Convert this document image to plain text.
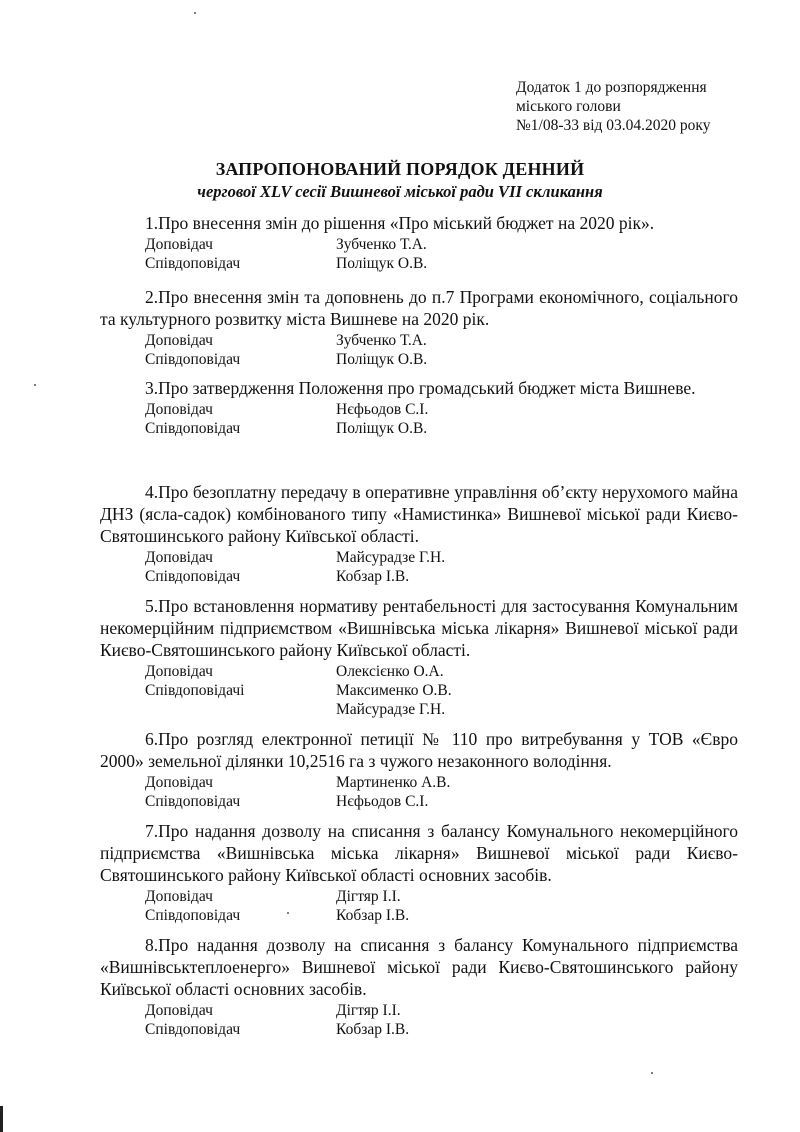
Додаток 1 до розпорядження
міського голови
№1/08-33 від 03.04.2020 року
ЗАПРОПОНОВАНИЙ ПОРЯДОК ДЕННИЙ
чергової XLV сесії Вишневої міської ради VII скликання

1.Про внесення змін до рішення «Про міський бюджет на 2020 рік».

Доповідач	Зубченко Т.А.
Співдоповідач	Поліщук О.В.

2.Про внесення змін та доповнень до п.7 Програми економічного, соціального та культурного розвитку міста Вишневе на 2020 рік.

Доповідач	Зубченко Т.А.
Співдоповідач	Поліщук О.В.

3.Про затвердження Положення про громадський бюджет міста Вишневе.

Доповідач	Нєфьодов С.І.
Співдоповідач	Поліщук О.В.

4.Про безоплатну передачу в оперативне управління об’єкту нерухомого майна ДНЗ (ясла-садок) комбінованого типу «Намистинка» Вишневої міської ради Києво-Святошинського району Київської області.

Доповідач	Майсурадзе Г.Н.
Співдоповідач	Кобзар І.В.

5.Про встановлення нормативу рентабельності для застосування Комунальним некомерційним підприємством «Вишнівська міська лікарня» Вишневої міської ради Києво-Святошинського району Київської області.

Доповідач	Олексієнко О.А.
Співдоповідачі	Максименко О.В.
Майсурадзе Г.Н.

6.Про розгляд електронної петиції № 110 про витребування у ТОВ «Євро 2000» земельної ділянки 10,2516 га з чужого незаконного володіння.

Доповідач	Мартиненко А.В.
Співдоповідач	Нєфьодов С.І.

7.Про надання дозволу на списання з балансу Комунального некомерційного підприємства «Вишнівська міська лікарня» Вишневої міської ради Києво-Святошинського району Київської області основних засобів.

Доповідач	Дігтяр І.І.
Співдоповідач	Кобзар І.В.

8.Про надання дозволу на списання з балансу Комунального підприємства «Вишнівськтеплоенерго» Вишневої міської ради Києво-Святошинського району Київської області основних засобів.

Доповідач	Дігтяр І.І.
Співдоповідач	Кобзар І.В.
